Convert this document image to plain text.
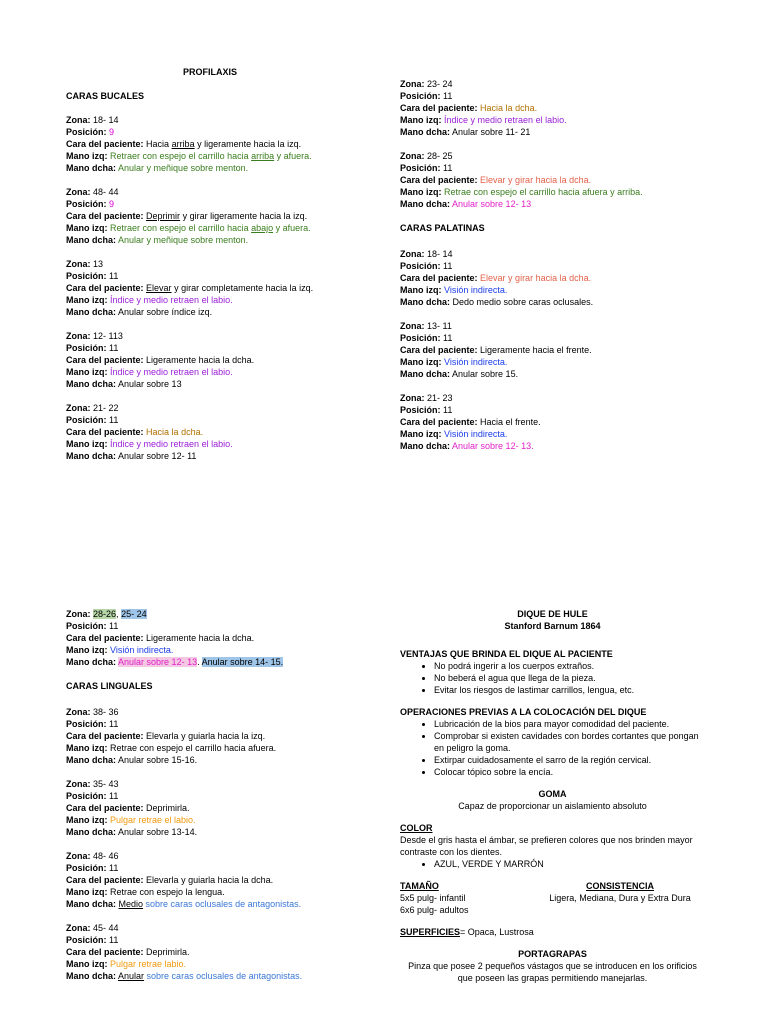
PROFILAXIS
CARAS BUCALES
Zona: 18- 14
Posición: 9
Cara del paciente: Hacia arriba y ligeramente hacia la izq.
Mano izq: Retraer con espejo el carrillo hacia arriba y afuera.
Mano dcha: Anular y meñique sobre menton.
Zona: 48- 44
Posición: 9
Cara del paciente: Deprimir y girar ligeramente hacia la izq.
Mano izq: Retraer con espejo el carrillo hacia abajo y afuera.
Mano dcha: Anular y meñique sobre menton.
Zona: 13
Posición: 11
Cara del paciente: Elevar y girar completamente hacia la izq.
Mano izq: Índice y medio retraen el labio.
Mano dcha: Anular sobre índice izq.
Zona: 12- 113
Posición: 11
Cara del paciente: Ligeramente hacia la dcha.
Mano izq: Índice y medio retraen el labio.
Mano dcha: Anular sobre 13
Zona: 21- 22
Posición: 11
Cara del paciente: Hacia la dcha.
Mano izq: Índice y medio retraen el labio.
Mano dcha: Anular sobre 12- 11
Zona: 23- 24
Posición: 11
Cara del paciente: Hacia la dcha.
Mano izq: Índice y medio retraen el labio.
Mano dcha: Anular sobre 11- 21
Zona: 28- 25
Posición: 11
Cara del paciente: Elevar y girar hacia la dcha.
Mano izq: Retrae con espejo el carrillo hacia afuera y arriba.
Mano dcha: Anular sobre 12- 13
CARAS PALATINAS
Zona: 18- 14
Posición: 11
Cara del paciente: Elevar y girar hacia la dcha.
Mano izq: Visión indirecta.
Mano dcha: Dedo medio sobre caras oclusales.
Zona: 13- 11
Posición: 11
Cara del paciente: Ligeramente hacia el frente.
Mano izq: Visión indirecta.
Mano dcha: Anular sobre 15.
Zona: 21- 23
Posición: 11
Cara del paciente: Hacia el frente.
Mano izq: Visión indirecta.
Mano dcha: Anular sobre 12- 13.
Zona: 28-26, 25- 24
Posición: 11
Cara del paciente: Ligeramente hacia la dcha.
Mano izq: Visión indirecta.
Mano dcha: Anular sobre 12- 13. Anular sobre 14- 15.
CARAS LINGUALES
Zona: 38- 36
Posición: 11
Cara del paciente: Elevarla y guiarla hacia la izq.
Mano izq: Retrae con espejo el carrillo hacia afuera.
Mano dcha: Anular sobre 15-16.
Zona: 35- 43
Posición: 11
Cara del paciente: Deprimirla.
Mano izq: Pulgar retrae el labio.
Mano dcha: Anular sobre 13-14.
Zona: 48- 46
Posición: 11
Cara del paciente: Elevarla y guiarla hacia la dcha.
Mano izq: Retrae con espejo la lengua.
Mano dcha: Medio sobre caras oclusales de antagonistas.
Zona: 45- 44
Posición: 11
Cara del paciente: Deprimirla.
Mano izq: Pulgar retrae labio.
Mano dcha: Anular sobre caras oclusales de antagonistas.
DIQUE DE HULE
Stanford Barnum 1864
VENTAJAS QUE BRINDA EL DIQUE AL PACIENTE
• No podrá ingerir a los cuerpos extraños.
• No beberá el agua que llega de la pieza.
• Evitar los riesgos de lastimar carrillos, lengua, etc.
OPERACIONES PREVIAS A LA COLOCACIÓN DEL DIQUE
• Lubricación de la bios para mayor comodidad del paciente.
• Comprobar si existen cavidades con bordes cortantes que pongan en peligro la goma.
• Extirpar cuidadosamente el sarro de la región cervical.
• Colocar tópico sobre la encía.
GOMA
Capaz de proporcionar un aislamiento absoluto
COLOR
Desde el gris hasta el ámbar, se prefieren colores que nos brinden mayor contraste con los dientes.
• AZUL, VERDE Y MARRÓN
TAMAÑO
5x5 pulg- infantil
6x6 pulg- adultos
CONSISTENCIA
Ligera, Mediana, Dura y Extra Dura
SUPERFICIES= Opaca, Lustrosa
PORTAGRAPAS
Pinza que posee 2 pequeños vástagos que se introducen en los orificios que poseen las grapas permitiendo manejarlas.
